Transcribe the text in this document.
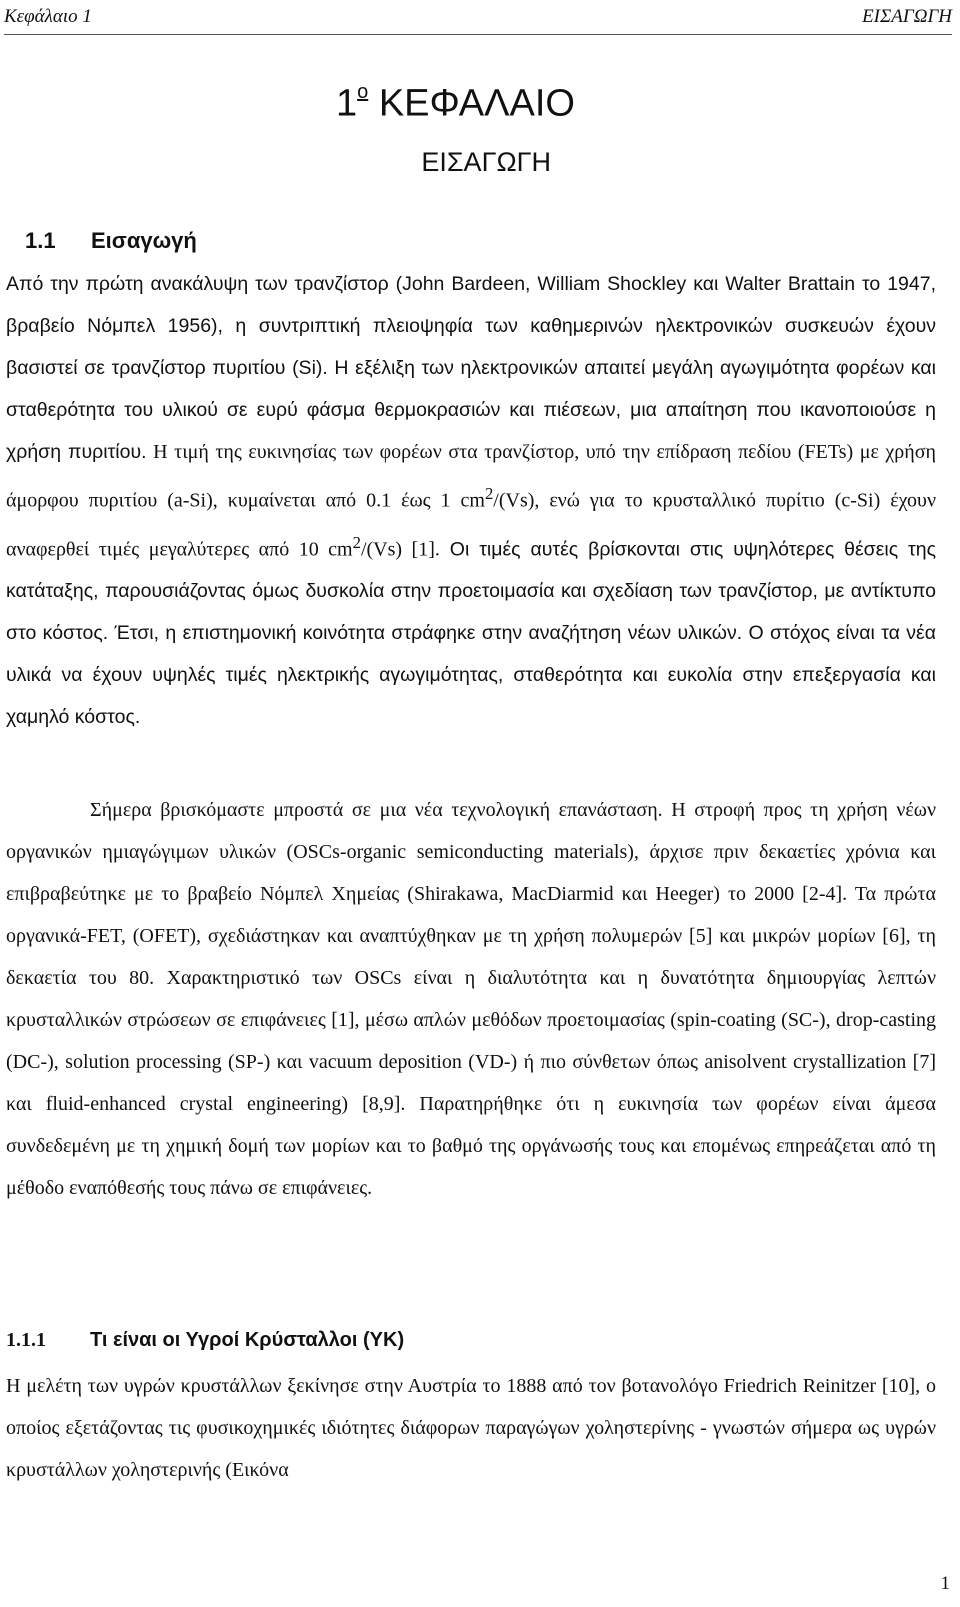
Κεφάλαιο 1	ΕΙΣΑΓΩΓΗ
$1^o$ ΚΕΦΑΛΑΙΟ
ΕΙΣΑΓΩΓΗ
1.1 Εισαγωγή

Από την πρώτη ανακάλυψη των τρανζίστορ (John Bardeen, William Shockley και Walter Brattain το 1947, βραβείο Νόμπελ 1956), η συντριπτική πλειοψηφία των καθημερινών ηλεκτρονικών συσκευών έχουν βασιστεί σε τρανζίστορ πυριτίου (Si). Η εξέλιξη των ηλεκτρονικών απαιτεί μεγάλη αγωγιμότητα φορέων και σταθερότητα του υλικού σε ευρύ φάσμα θερμοκρασιών και πιέσεων, μια απαίτηση που ικανοποιούσε η χρήση πυριτίου. Η τιμή της ευκινησίας των φορέων στα τρανζίστορ, υπό την επίδραση πεδίου (FETs) με χρήση άμορφου πυριτίου (a-Si), κυμαίνεται από 0.1 έως 1 $cm^2/(Vs)$, ενώ για το κρυσταλλικό πυρίτιο (c-Si) έχουν αναφερθεί τιμές μεγαλύτερες από 10 $cm^2/(Vs)$ [1]. Οι τιμές αυτές βρίσκονται στις υψηλότερες θέσεις της κατάταξης, παρουσιάζοντας όμως δυσκολία στην προετοιμασία και σχεδίαση των τρανζίστορ, με αντίκτυπο στο κόστος. Έτσι, η επιστημονική κοινότητα στράφηκε στην αναζήτηση νέων υλικών. Ο στόχος είναι τα νέα υλικά να έχουν υψηλές τιμές ηλεκτρικής αγωγιμότητας, σταθερότητα και ευκολία στην επεξεργασία και χαμηλό κόστος.

Σήμερα βρισκόμαστε μπροστά σε μια νέα τεχνολογική επανάσταση. Η στροφή προς τη χρήση νέων οργανικών ημιαγώγιμων υλικών (OSCs-organic semiconducting materials), άρχισε πριν δεκαετίες χρόνια και επιβραβεύτηκε με το βραβείο Νόμπελ Χημείας (Shirakawa, MacDiarmid και Heeger) το 2000 [2-4]. Τα πρώτα οργανικά-FET, (OFET), σχεδιάστηκαν και αναπτύχθηκαν με τη χρήση πολυμερών [5] και μικρών μορίων [6], τη δεκαετία του 80. Χαρακτηριστικό των OSCs είναι η διαλυτότητα και η δυνατότητα δημιουργίας λεπτών κρυσταλλικών στρώσεων σε επιφάνειες [1], μέσω απλών μεθόδων προετοιμασίας (spin-coating (SC-), drop-casting (DC-), solution processing (SP-) και vacuum deposition (VD-) ή πιο σύνθετων όπως anisolvent crystallization [7] και fluid-enhanced crystal engineering) [8,9]. Παρατηρήθηκε ότι η ευκινησία των φορέων είναι άμεσα συνδεδεμένη με τη χημική δομή των μορίων και το βαθμό της οργάνωσής τους και επομένως επηρεάζεται από τη μέθοδο εναπόθεσής τους πάνω σε επιφάνειες.

1.1.1 Τι είναι οι Υγροί Κρύσταλλοι (ΥΚ)

Η μελέτη των υγρών κρυστάλλων ξεκίνησε στην Αυστρία το 1888 από τον βοτανολόγο Friedrich Reinitzer [10], ο οποίος εξετάζοντας τις φυσικοχημικές ιδιότητες διάφορων παραγώγων χοληστερίνης - γνωστών σήμερα ως υγρών κρυστάλλων χοληστερινής (Εικόνα

1
